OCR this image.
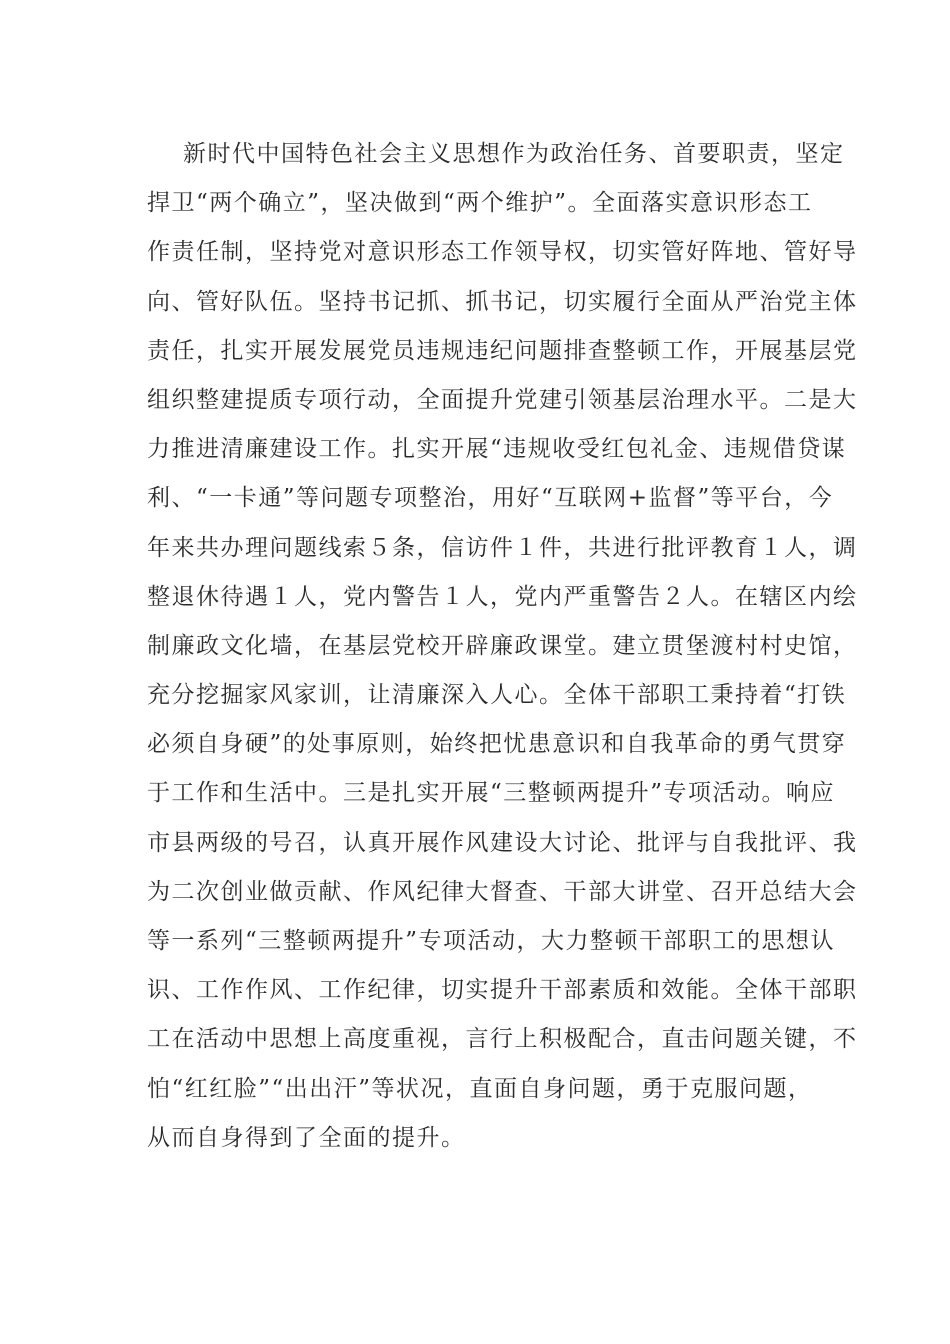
新时代中国特色社会主义思想作为政治任务、首要职责，坚定
捍卫“两个确立”，坚决做到“两个维护”。全面落实意识形态工
作责任制，坚持党对意识形态工作领导权，切实管好阵地、管好导
向、管好队伍。坚持书记抓、抓书记，切实履行全面从严治党主体
责任，扎实开展发展党员违规违纪问题排查整顿工作，开展基层党
组织整建提质专项行动，全面提升党建引领基层治理水平。二是大
力推进清廉建设工作。扎实开展“违规收受红包礼金、违规借贷谋
利、“一卡通”等问题专项整治，用好“互联网+监督”等平台，今
年来共办理问题线索５条，信访件１件，共进行批评教育１人，调
整退休待遇１人，党内警告１人，党内严重警告２人。在辖区内绘
制廉政文化墙，在基层党校开辟廉政课堂。建立贯堡渡村村史馆，
充分挖掘家风家训，让清廉深入人心。全体干部职工秉持着“打铁
必须自身硬”的处事原则，始终把忧患意识和自我革命的勇气贯穿
于工作和生活中。三是扎实开展“三整顿两提升”专项活动。响应
市县两级的号召，认真开展作风建设大讨论、批评与自我批评、我
为二次创业做贡献、作风纪律大督查、干部大讲堂、召开总结大会
等一系列“三整顿两提升”专项活动，大力整顿干部职工的思想认
识、工作作风、工作纪律，切实提升干部素质和效能。全体干部职
工在活动中思想上高度重视，言行上积极配合，直击问题关键，不
怕“红红脸”“出出汗”等状况，直面自身问题，勇于克服问题，
从而自身得到了全面的提升。
